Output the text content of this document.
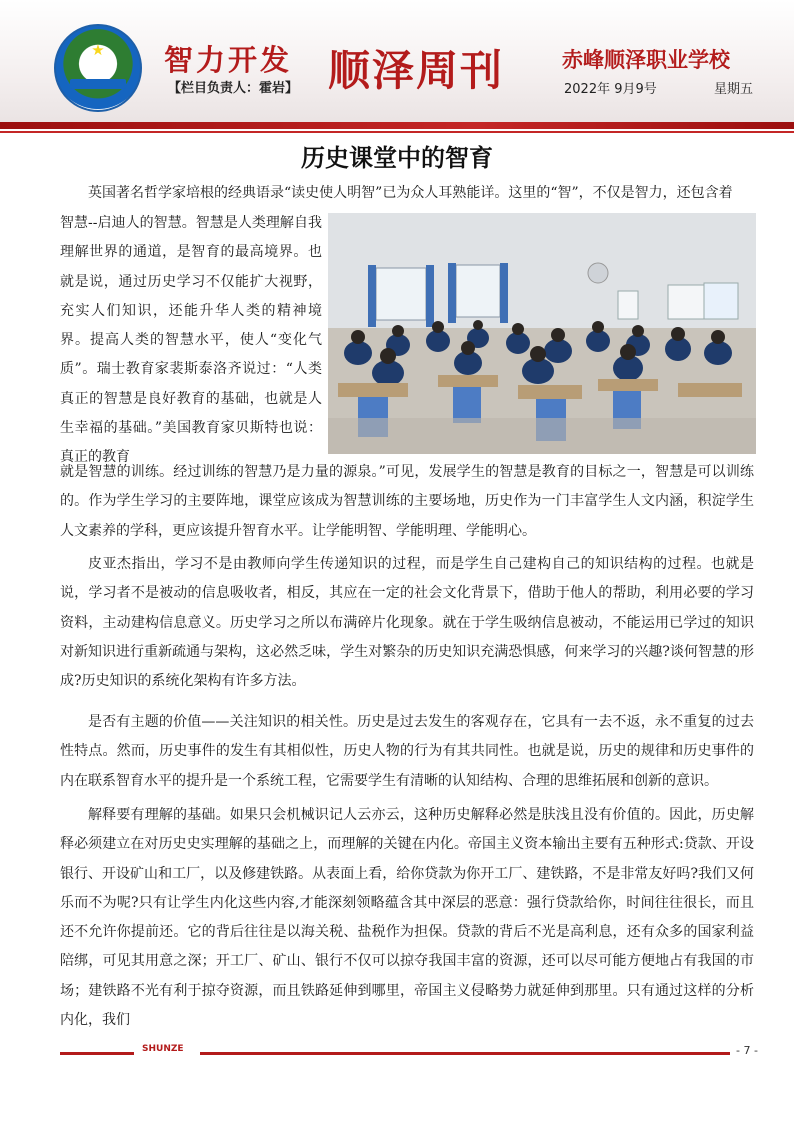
★ 智力开发
【栏目负责人：霍岩】 顺泽周刊	赤峰顺泽职业学校
2022年 9月9号	星期五
历史课堂中的智育

英国著名哲学家培根的经典语录“读史使人明智”已为众人耳熟能详。这里的“智”，不仅是智力，还包含着

智慧--启迪人的智慧。智慧是人类理解自我理解世界的通道，是智育的最高境界。也就是说，通过历史学习不仅能扩大视野，充实人们知识，还能升华人类的精神境界。提高人类的智慧水平，使人“变化气质”。瑞士教育家裴斯泰洛齐说过：“人类真正的智慧是良好教育的基础，也就是人生幸福的基础。”美国教育家贝斯特也说：真正的教育

就是智慧的训练。经过训练的智慧乃是力量的源泉。”可见，发展学生的智慧是教育的目标之一，智慧是可以训练的。作为学生学习的主要阵地，课堂应该成为智慧训练的主要场地，历史作为一门丰富学生人文内涵，积淀学生人文素养的学科，更应该提升智育水平。让学能明智、学能明理、学能明心。

皮亚杰指出，学习不是由教师向学生传递知识的过程，而是学生自己建构自己的知识结构的过程。也就是说，学习者不是被动的信息吸收者，相反，其应在一定的社会文化背景下，借助于他人的帮助，利用必要的学习资料，主动建构信息意义。历史学习之所以布满碎片化现象。就在于学生吸纳信息被动，不能运用已学过的知识对新知识进行重新疏通与架构，这必然乏味，学生对繁杂的历史知识充满恐惧感，何来学习的兴趣?谈何智慧的形成?历史知识的系统化架构有许多方法。

是否有主题的价值——关注知识的相关性。历史是过去发生的客观存在，它具有一去不返，永不重复的过去性特点。然而，历史事件的发生有其相似性，历史人物的行为有其共同性。也就是说，历史的规律和历史事件的内在联系智育水平的提升是一个系统工程，它需要学生有清晰的认知结构、合理的思维拓展和创新的意识。

解释要有理解的基础。如果只会机械识记人云亦云，这种历史解释必然是肤浅且没有价值的。因此，历史解释必须建立在对历史史实理解的基础之上，而理解的关键在内化。帝国主义资本输出主要有五种形式:贷款、开设银行、开设矿山和工厂，以及修建铁路。从表面上看，给你贷款为你开工厂、建铁路，不是非常友好吗?我们又何乐而不为呢?只有让学生内化这些内容,才能深刻领略蕴含其中深层的恶意：强行贷款给你，时间往往很长，而且还不允许你提前还。它的背后往往是以海关税、盐税作为担保。贷款的背后不光是高利息，还有众多的国家利益陪绑，可见其用意之深；开工厂、矿山、银行不仅可以掠夺我国丰富的资源，还可以尽可能方便地占有我国的市场；建铁路不光有利于掠夺资源，而且铁路延伸到哪里，帝国主义侵略势力就延伸到那里。只有通过这样的分析内化，我们

SHUNZE	- 7 -
